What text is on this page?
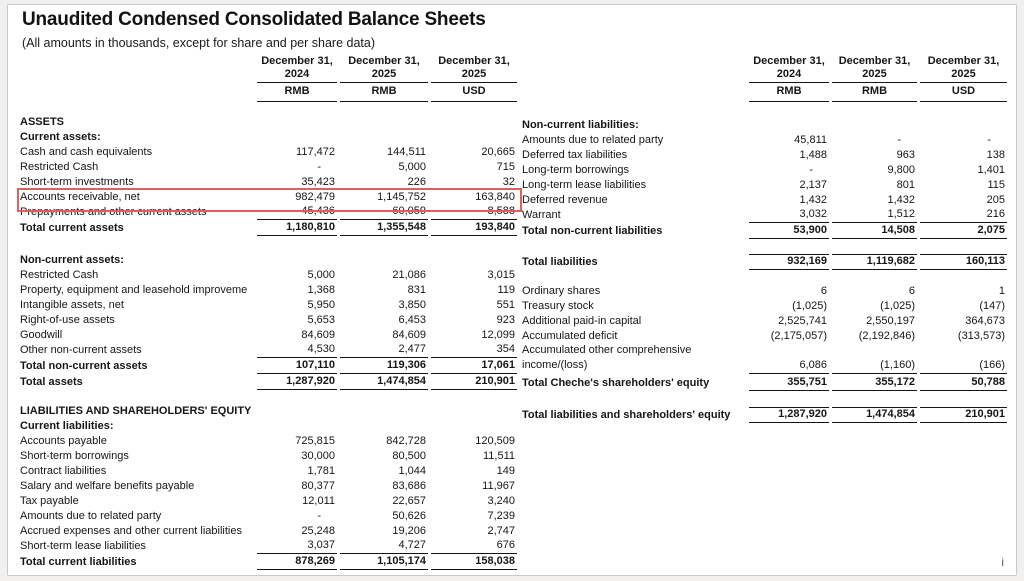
Unaudited Condensed Consolidated Balance Sheets
(All amounts in thousands, except for share and per share data)
December 31,
2024
RMB
December 31,
2025
RMB
December 31,
2025
USD
ASSETS
Current assets:
Cash and cash equivalents	117,472	144,511	20,665
Restricted Cash	-	5,000	715
Short-term investments	35,423	226	32
Accounts receivable, net	982,479	1,145,752	163,840
Prepayments and other current assets	45,436	60,059	8,588
Total current assets	1,180,810	1,355,548	193,840
Non-current assets:
Restricted Cash	5,000	21,086	3,015
Property, equipment and leasehold improveme	1,368	831	119
Intangible assets, net	5,950	3,850	551
Right-of-use assets	5,653	6,453	923
Goodwill	84,609	84,609	12,099
Other non-current assets	4,530	2,477	354
Total non-current assets	107,110	119,306	17,061
Total assets	1,287,920	1,474,854	210,901
LIABILITIES AND SHAREHOLDERS' EQUITY
Current liabilities:
Accounts payable	725,815	842,728	120,509
Short-term borrowings	30,000	80,500	11,511
Contract liabilities	1,781	1,044	149
Salary and welfare benefits payable	80,377	83,686	11,967
Tax payable	12,011	22,657	3,240
Amounts due to related party	-	50,626	7,239
Accrued expenses and other current liabilities	25,248	19,206	2,747
Short-term lease liabilities	3,037	4,727	676
Total current liabilities	878,269	1,105,174	158,038
December 31,
2024
RMB
December 31,
2025
RMB
December 31,
2025
USD
Non-current liabilities:
Amounts due to related party	45,811	-	-
Deferred tax liabilities	1,488	963	138
Long-term borrowings	-	9,800	1,401
Long-term lease liabilities	2,137	801	115
Deferred revenue	1,432	1,432	205
Warrant	3,032	1,512	216
Total non-current liabilities	53,900	14,508	2,075
Total liabilities	932,169	1,119,682	160,113
Ordinary shares	6	6	1
Treasury stock	(1,025)	(1,025)	(147)
Additional paid-in capital	2,525,741	2,550,197	364,673
Accumulated deficit	(2,175,057)	(2,192,846)	(313,573)
Accumulated other comprehensive
income/(loss)	6,086	(1,160)	(166)
Total Cheche's shareholders' equity	355,751	355,172	50,788
Total liabilities and shareholders' equity	1,287,920	1,474,854	210,901
i
